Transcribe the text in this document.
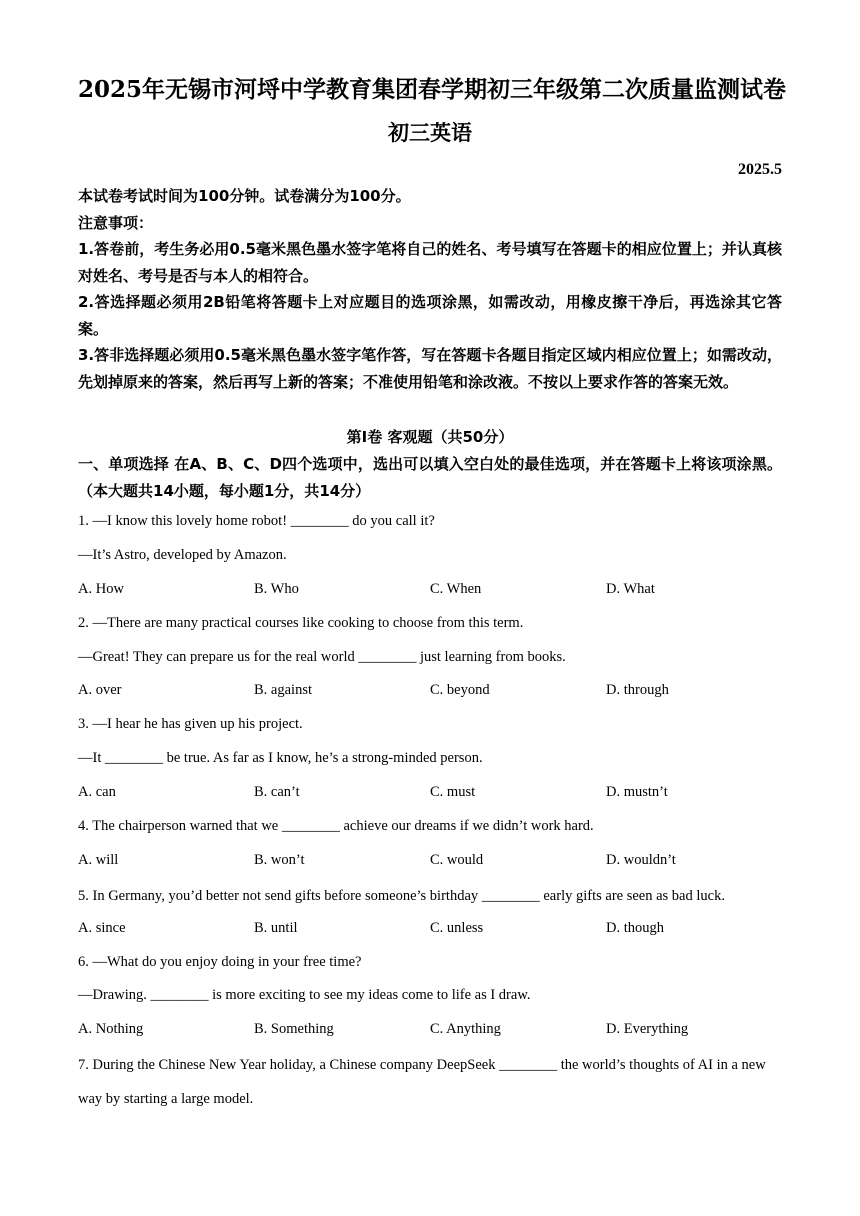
2025年无锡市河埒中学教育集团春学期初三年级第二次质量监测试卷
初三英语
2025.5
本试卷考试时间为100分钟。试卷满分为100分。
注意事项：
1.答卷前，考生务必用0.5毫米黑色墨水签字笔将自己的姓名、考号填写在答题卡的相应位置上；并认真核对姓名、考号是否与本人的相符合。
2.答选择题必须用2B铅笔将答题卡上对应题目的选项涂黑，如需改动，用橡皮擦干净后，再选涂其它答案。
3.答非选择题必须用0.5毫米黑色墨水签字笔作答，写在答题卡各题目指定区域内相应位置上；如需改动，先划掉原来的答案，然后再写上新的答案；不准使用铅笔和涂改液。不按以上要求作答的答案无效。
第Ⅰ卷 客观题（共50分）
一、单项选择 在A、B、C、D四个选项中，选出可以填入空白处的最佳选项，并在答题卡上将该项涂黑。（本大题共14小题，每小题1分，共14分）
1. —I know this lovely home robot! ________ do you call it?
—It’s Astro, developed by Amazon.
A. How	B. Who	C. When	D. What
2. —There are many practical courses like cooking to choose from this term.
—Great! They can prepare us for the real world ________ just learning from books.
A. over	B. against	C. beyond	D. through
3. —I hear he has given up his project.
—It ________ be true. As far as I know, he’s a strong-minded person.
A. can	B. can’t	C. must	D. mustn’t
4. The chairperson warned that we ________ achieve our dreams if we didn’t work hard.
A. will	B. won’t	C. would	D. wouldn’t
5. In Germany, you’d better not send gifts before someone’s birthday ________ early gifts are seen as bad luck.
A. since	B. until	C. unless	D. though
6. —What do you enjoy doing in your free time?
—Drawing. ________ is more exciting to see my ideas come to life as I draw.
A. Nothing	B. Something	C. Anything	D. Everything
7. During the Chinese New Year holiday, a Chinese company DeepSeek ________ the world’s thoughts of AI in a new way by starting a large model.
